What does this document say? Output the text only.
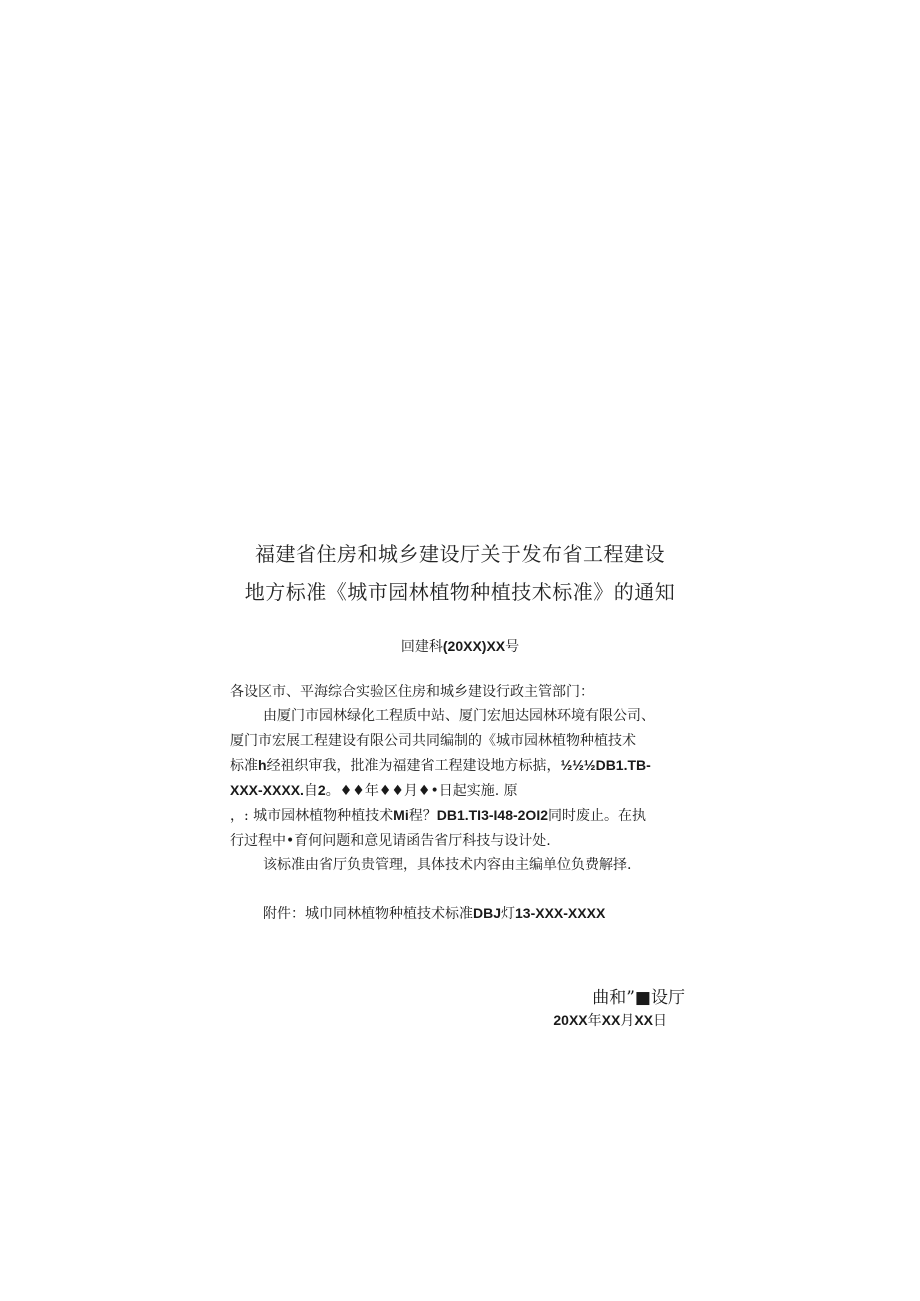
福建省住房和城乡建设厅关于发布省工程建设
地方标准《城市园林植物种植技术标准》的通知
回建科(20XX)XX号

各设区市、平海综合实验区住房和城乡建设行政主管部门：

由厦门市园林绿化工程质中站、厦门宏旭达园林环境有限公司、

厦门市宏展工程建设有限公司共同编制的《城市园林植物种植技术

标准h经祖织审我，批准为福建省工程建设地方标掂，½½½DB1.TB-

XXX-XXXX.自2。♦♦年♦♦月♦•日起实施. 原

，: 城市园林植物种植技术Mi程？DB1.TI3-I48-2OI2同时废止。在执

行过程中•育何问题和意见请函告省厅科技与设计处.

该标准由省厅负贵管理，具体技术内容由主编单位负费解择.

附件：城巾同林植物种植技术标准DBJ灯13-XXX-XXXX
曲和”■设厅
20XX年XX月XX日
